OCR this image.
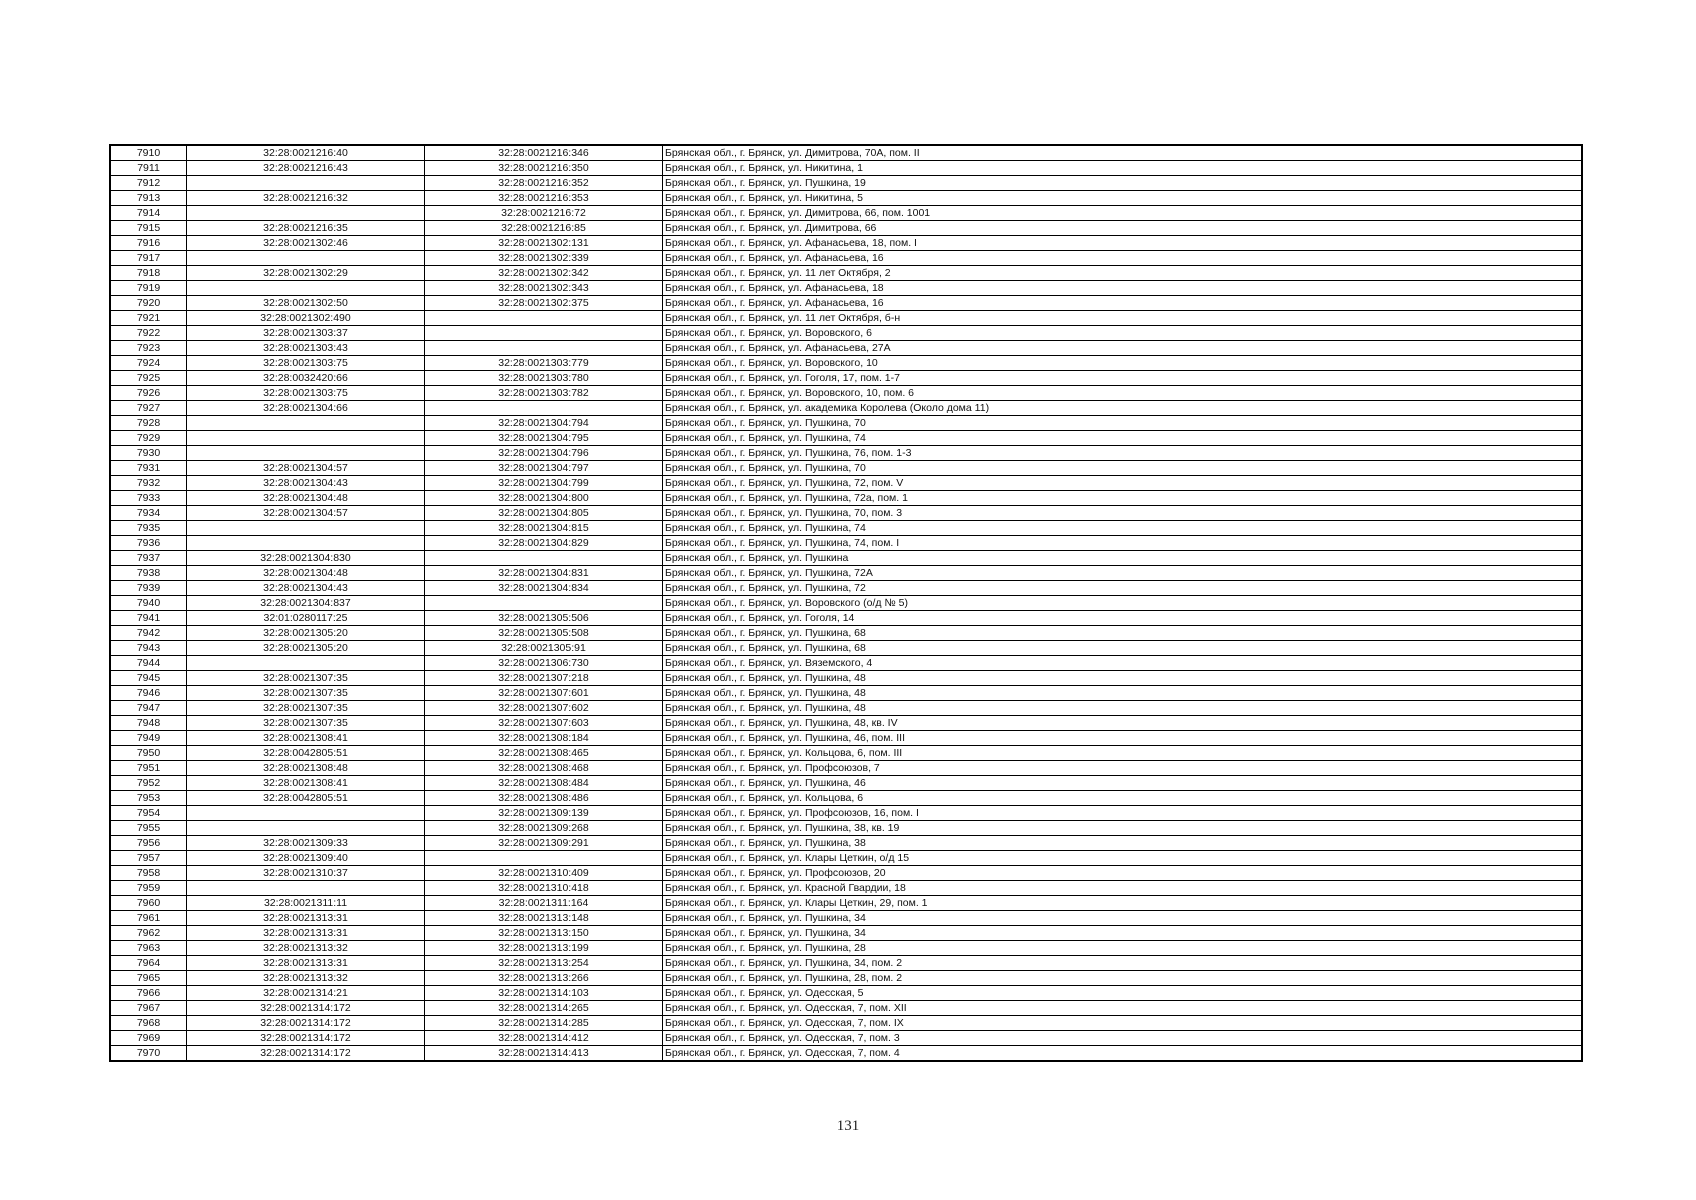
7910	32:28:0021216:40	32:28:0021216:346	Брянская обл., г. Брянск, ул. Димитрова, 70А, пом. II
7911	32:28:0021216:43	32:28:0021216:350	Брянская обл., г. Брянск, ул. Никитина, 1
7912		32:28:0021216:352	Брянская обл., г. Брянск, ул. Пушкина, 19
7913	32:28:0021216:32	32:28:0021216:353	Брянская обл., г. Брянск, ул. Никитина, 5
7914		32:28:0021216:72	Брянская обл., г. Брянск, ул. Димитрова, 66, пом. 1001
7915	32:28:0021216:35	32:28:0021216:85	Брянская обл., г. Брянск, ул. Димитрова, 66
7916	32:28:0021302:46	32:28:0021302:131	Брянская обл., г. Брянск, ул. Афанасьева, 18, пом. I
7917		32:28:0021302:339	Брянская обл., г. Брянск, ул. Афанасьева, 16
7918	32:28:0021302:29	32:28:0021302:342	Брянская обл., г. Брянск, ул. 11 лет Октября, 2
7919		32:28:0021302:343	Брянская обл., г. Брянск, ул. Афанасьева, 18
7920	32:28:0021302:50	32:28:0021302:375	Брянская обл., г. Брянск, ул. Афанасьева, 16
7921	32:28:0021302:490		Брянская обл., г. Брянск, ул. 11 лет Октября, б-н
7922	32:28:0021303:37		Брянская обл., г. Брянск, ул. Воровского, 6
7923	32:28:0021303:43		Брянская обл., г. Брянск, ул. Афанасьева, 27А
7924	32:28:0021303:75	32:28:0021303:779	Брянская обл., г. Брянск, ул. Воровского, 10
7925	32:28:0032420:66	32:28:0021303:780	Брянская обл., г. Брянск, ул. Гоголя, 17, пом. 1-7
7926	32:28:0021303:75	32:28:0021303:782	Брянская обл., г. Брянск, ул. Воровского, 10, пом. 6
7927	32:28:0021304:66		Брянская обл., г. Брянск, ул. академика Королева (Около дома 11)
7928		32:28:0021304:794	Брянская обл., г. Брянск, ул. Пушкина, 70
7929		32:28:0021304:795	Брянская обл., г. Брянск, ул. Пушкина, 74
7930		32:28:0021304:796	Брянская обл., г. Брянск, ул. Пушкина, 76, пом. 1-3
7931	32:28:0021304:57	32:28:0021304:797	Брянская обл., г. Брянск, ул. Пушкина, 70
7932	32:28:0021304:43	32:28:0021304:799	Брянская обл., г. Брянск, ул. Пушкина, 72, пом. V
7933	32:28:0021304:48	32:28:0021304:800	Брянская обл., г. Брянск, ул. Пушкина, 72а, пом. 1
7934	32:28:0021304:57	32:28:0021304:805	Брянская обл., г. Брянск, ул. Пушкина, 70, пом. 3
7935		32:28:0021304:815	Брянская обл., г. Брянск, ул. Пушкина, 74
7936		32:28:0021304:829	Брянская обл., г. Брянск, ул. Пушкина, 74, пом. I
7937	32:28:0021304:830		Брянская обл., г. Брянск, ул. Пушкина
7938	32:28:0021304:48	32:28:0021304:831	Брянская обл., г. Брянск, ул. Пушкина, 72А
7939	32:28:0021304:43	32:28:0021304:834	Брянская обл., г. Брянск, ул. Пушкина, 72
7940	32:28:0021304:837		Брянская обл., г. Брянск, ул. Воровского (о/д № 5)
7941	32:01:0280117:25	32:28:0021305:506	Брянская обл., г. Брянск, ул. Гоголя, 14
7942	32:28:0021305:20	32:28:0021305:508	Брянская обл., г. Брянск, ул. Пушкина, 68
7943	32:28:0021305:20	32:28:0021305:91	Брянская обл., г. Брянск, ул. Пушкина, 68
7944		32:28:0021306:730	Брянская обл., г. Брянск, ул. Вяземского, 4
7945	32:28:0021307:35	32:28:0021307:218	Брянская обл., г. Брянск, ул. Пушкина, 48
7946	32:28:0021307:35	32:28:0021307:601	Брянская обл., г. Брянск, ул. Пушкина, 48
7947	32:28:0021307:35	32:28:0021307:602	Брянская обл., г. Брянск, ул. Пушкина, 48
7948	32:28:0021307:35	32:28:0021307:603	Брянская обл., г. Брянск, ул. Пушкина, 48, кв. IV
7949	32:28:0021308:41	32:28:0021308:184	Брянская обл., г. Брянск, ул. Пушкина, 46, пом. III
7950	32:28:0042805:51	32:28:0021308:465	Брянская обл., г. Брянск, ул. Кольцова, 6, пом. III
7951	32:28:0021308:48	32:28:0021308:468	Брянская обл., г. Брянск, ул. Профсоюзов, 7
7952	32:28:0021308:41	32:28:0021308:484	Брянская обл., г. Брянск, ул. Пушкина, 46
7953	32:28:0042805:51	32:28:0021308:486	Брянская обл., г. Брянск, ул. Кольцова, 6
7954		32:28:0021309:139	Брянская обл., г. Брянск, ул. Профсоюзов, 16, пом. I
7955		32:28:0021309:268	Брянская обл., г. Брянск, ул. Пушкина, 38, кв. 19
7956	32:28:0021309:33	32:28:0021309:291	Брянская обл., г. Брянск, ул. Пушкина, 38
7957	32:28:0021309:40		Брянская обл., г. Брянск, ул. Клары Цеткин, о/д 15
7958	32:28:0021310:37	32:28:0021310:409	Брянская обл., г. Брянск, ул. Профсоюзов, 20
7959		32:28:0021310:418	Брянская обл., г. Брянск, ул. Красной Гвардии, 18
7960	32:28:0021311:11	32:28:0021311:164	Брянская обл., г. Брянск, ул. Клары Цеткин, 29, пом. 1
7961	32:28:0021313:31	32:28:0021313:148	Брянская обл., г. Брянск, ул. Пушкина, 34
7962	32:28:0021313:31	32:28:0021313:150	Брянская обл., г. Брянск, ул. Пушкина, 34
7963	32:28:0021313:32	32:28:0021313:199	Брянская обл., г. Брянск, ул. Пушкина, 28
7964	32:28:0021313:31	32:28:0021313:254	Брянская обл., г. Брянск, ул. Пушкина, 34, пом. 2
7965	32:28:0021313:32	32:28:0021313:266	Брянская обл., г. Брянск, ул. Пушкина, 28, пом. 2
7966	32:28:0021314:21	32:28:0021314:103	Брянская обл., г. Брянск, ул. Одесская, 5
7967	32:28:0021314:172	32:28:0021314:265	Брянская обл., г. Брянск, ул. Одесская, 7, пом. XII
7968	32:28:0021314:172	32:28:0021314:285	Брянская обл., г. Брянск, ул. Одесская, 7, пом. IX
7969	32:28:0021314:172	32:28:0021314:412	Брянская обл., г. Брянск, ул. Одесская, 7, пом. 3
7970	32:28:0021314:172	32:28:0021314:413	Брянская обл., г. Брянск, ул. Одесская, 7, пом. 4
131
